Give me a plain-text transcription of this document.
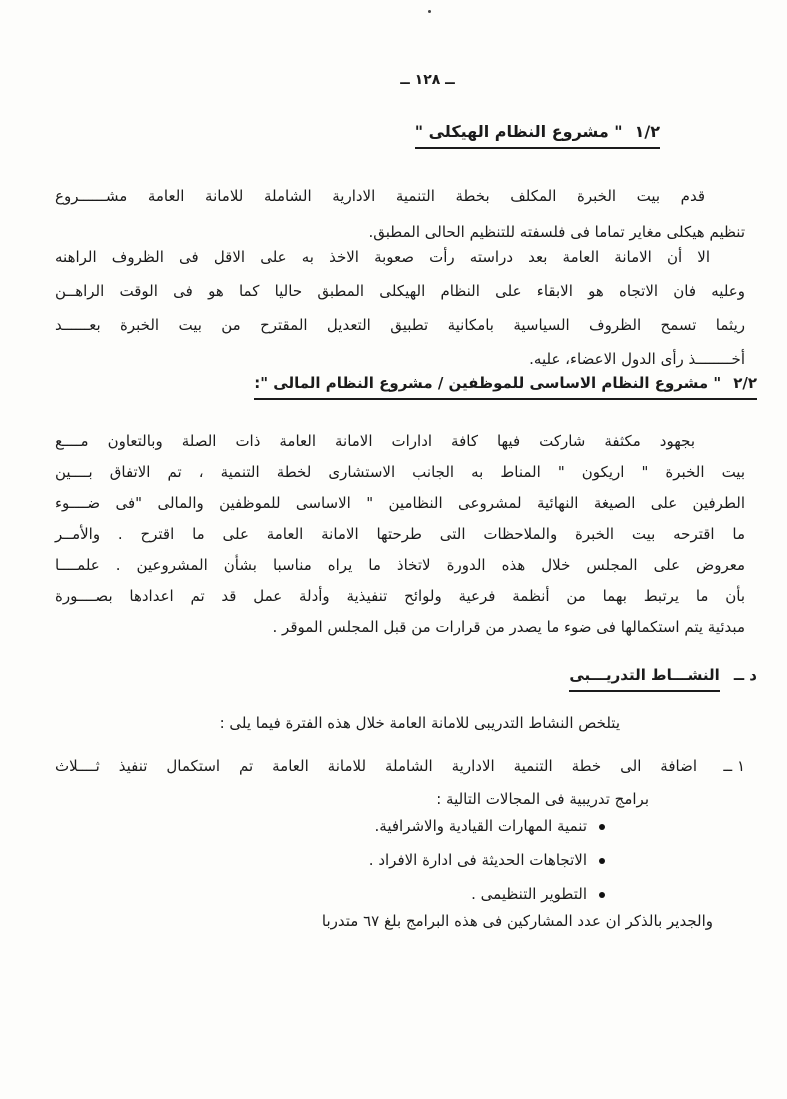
ــ ١٢٨ ــ
١/٢" مشروع النظام الهيكلى "
قدم بيت الخبرة المكلف بخطة التنمية الادارية الشاملة للامانة العامة مشــــــروع
تنظيم هيكلى مغاير تماما فى فلسفته للتنظيم الحالى المطبق.
الا أن الامانة العامة بعد دراسته رأت صعوبة الاخذ به على الاقل فى الظروف الراهنه
وعليه فان الاتجاه هو الابقاء على النظام الهيكلى المطبق حاليا كما هو فى الوقت الراهــن
ريثما تسمح الظروف السياسية بامكانية تطبيق التعديل المقترح من بيت الخبرة بعــــــد
أخــــــــذ رأى الدول الاعضاء، عليه.
٢/٢" مشروع النظام الاساسى للموظفين / مشروع النظام المالى ":
بجهود مكثفة شاركت فيها كافة ادارات الامانة العامة ذات الصلة وبالتعاون مــــع
بيت الخبرة " اريكون " المناط به الجانب الاستشارى لخطة التنمية ، تم الاتفاق بــــين
الطرفين على الصيغة النهائية لمشروعى النظامين " الاساسى للموظفين والمالى "فى ضــــوء
ما اقترحه بيت الخبرة والملاحظات التى طرحتها الامانة العامة على ما اقترح . والأمــر
معروض على المجلس خلال هذه الدورة لاتخاذ ما يراه مناسبا بشأن المشروعين . علمــــا
بأن ما يرتبط بهما من أنظمة فرعية ولوائح تنفيذية وأدلة عمل قد تم اعدادها بصــــورة
مبدئية يتم استكمالها فى ضوء ما يصدر من قرارات من قبل المجلس الموقر .
د ــالنشـــاط التدريـــبى
يتلخص النشاط التدريبى للامانة العامة خلال هذه الفترة فيما يلى :
١ ــ
اضافة الى خطة التنمية الادارية الشاملة للامانة العامة تم استكمال تنفيذ ثــــلاث
برامج تدريبية فى المجالات التالية :
تنمية المهارات القيادية والاشرافية.
الاتجاهات الحديثة فى ادارة الافراد .
التطوير التنظيمى .
والجدير بالذكر ان عدد المشاركين فى هذه البرامج بلغ ٦٧ متدربا
